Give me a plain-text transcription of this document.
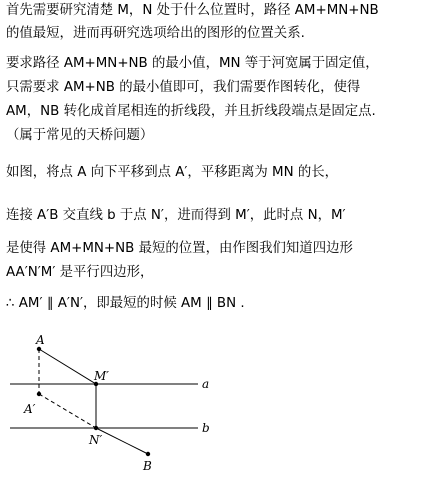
首先需要研究清楚 M，N 处于什么位置时，路径 AM+MN+NB
的值最短，进而再研究选项给出的图形的位置关系.
要求路径 AM+MN+NB 的最小值，MN 等于河宽属于固定值，
只需要求 AM+NB 的最小值即可，我们需要作图转化，使得
AM，NB 转化成首尾相连的折线段，并且折线段端点是固定点.
（属于常见的天桥问题）
如图，将点 A 向下平移到点 A′，平移距离为 MN 的长，
连接 A′B 交直线 b 于点 N′，进而得到 M′，此时点 N，M′
是使得 AM+MN+NB 最短的位置，由作图我们知道四边形
AA′N′M′ 是平行四边形，
∴ AM′ ∥ A′N′，即最短的时候 AM ∥ BN .
A
A′
M′
N′
B
a
b
